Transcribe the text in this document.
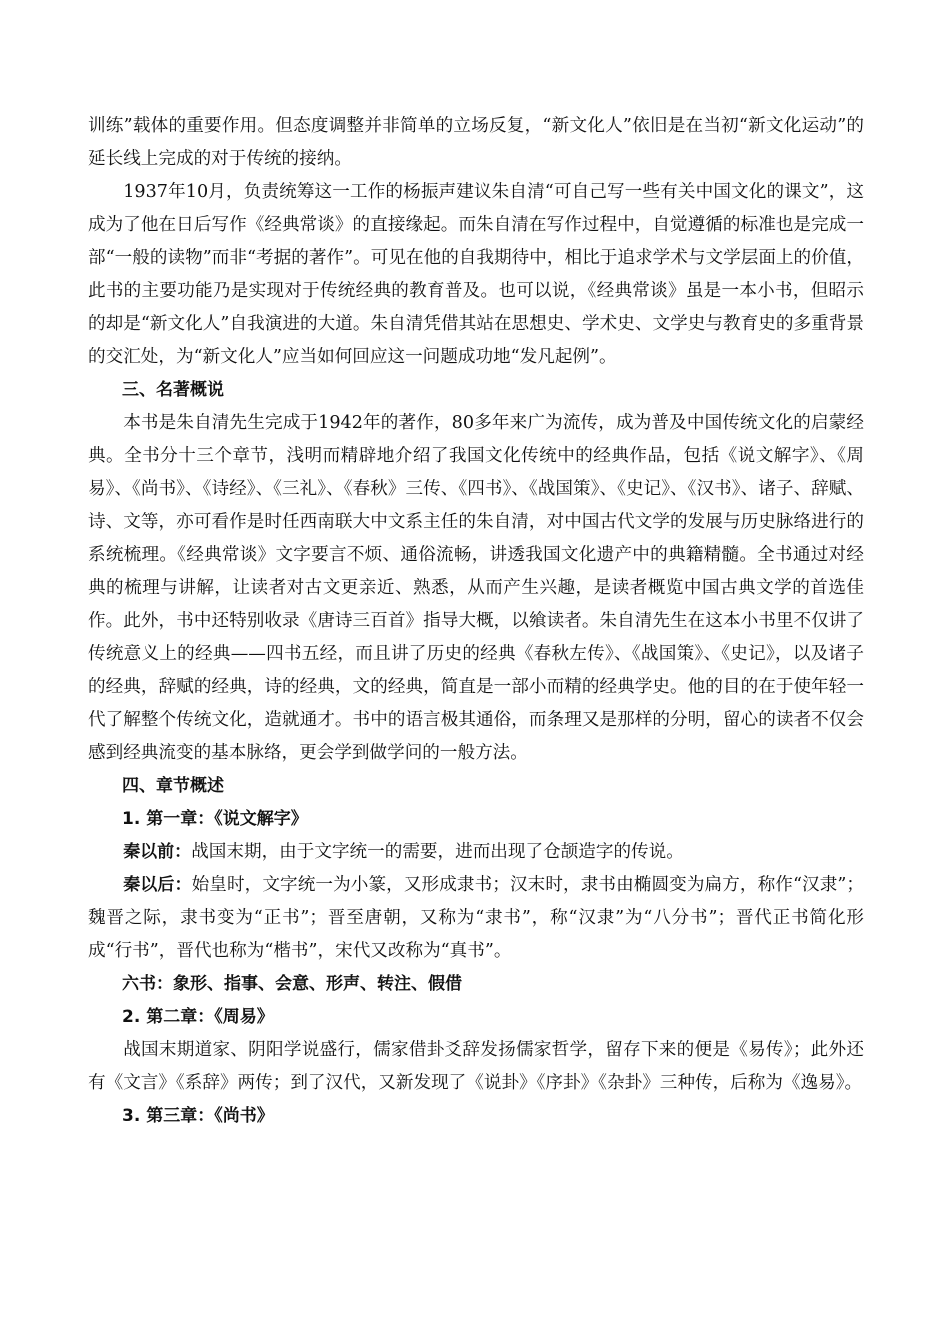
训练”载体的重要作用。但态度调整并非简单的立场反复，“新文化人”依旧是在当初“新文化运动”的延长线上完成的对于传统的接纳。

1937年10月，负责统筹这一工作的杨振声建议朱自清“可自己写一些有关中国文化的课文”，这成为了他在日后写作《经典常谈》的直接缘起。而朱自清在写作过程中，自觉遵循的标准也是完成一部“一般的读物”而非“考据的著作”。可见在他的自我期待中，相比于追求学术与文学层面上的价值，此书的主要功能乃是实现对于传统经典的教育普及。也可以说，《经典常谈》虽是一本小书，但昭示的却是“新文化人”自我演进的大道。朱自清凭借其站在思想史、学术史、文学史与教育史的多重背景的交汇处，为“新文化人”应当如何回应这一问题成功地“发凡起例”。

三、名著概说

本书是朱自清先生完成于1942年的著作，80多年来广为流传，成为普及中国传统文化的启蒙经典。全书分十三个章节，浅明而精辟地介绍了我国文化传统中的经典作品，包括《说文解字》、《周易》、《尚书》、《诗经》、《三礼》、《春秋》三传、《四书》、《战国策》、《史记》、《汉书》、诸子、辞赋、诗、文等，亦可看作是时任西南联大中文系主任的朱自清，对中国古代文学的发展与历史脉络进行的系统梳理。《经典常谈》文字要言不烦、通俗流畅，讲透我国文化遗产中的典籍精髓。全书通过对经典的梳理与讲解，让读者对古文更亲近、熟悉，从而产生兴趣，是读者概览中国古典文学的首选佳作。此外，书中还特别收录《唐诗三百首》指导大概，以飨读者。朱自清先生在这本小书里不仅讲了传统意义上的经典——四书五经，而且讲了历史的经典《春秋左传》、《战国策》、《史记》，以及诸子的经典，辞赋的经典，诗的经典，文的经典，简直是一部小而精的经典学史。他的目的在于使年轻一代了解整个传统文化，造就通才。书中的语言极其通俗，而条理又是那样的分明，留心的读者不仅会感到经典流变的基本脉络，更会学到做学问的一般方法。

四、章节概述

1. 第一章：《说文解字》

秦以前：战国末期，由于文字统一的需要，进而出现了仓颉造字的传说。

秦以后：始皇时，文字统一为小篆，又形成隶书；汉末时，隶书由椭圆变为扁方，称作“汉隶”；魏晋之际，隶书变为“正书”；晋至唐朝，又称为“隶书”，称“汉隶”为“八分书”；晋代正书简化形成“行书”，晋代也称为“楷书”，宋代又改称为“真书”。

六书：象形、指事、会意、形声、转注、假借

2. 第二章：《周易》

战国末期道家、阴阳学说盛行，儒家借卦爻辞发扬儒家哲学，留存下来的便是《易传》；此外还有《文言》《系辞》两传；到了汉代，又新发现了《说卦》《序卦》《杂卦》三种传，后称为《逸易》。

3. 第三章：《尚书》
